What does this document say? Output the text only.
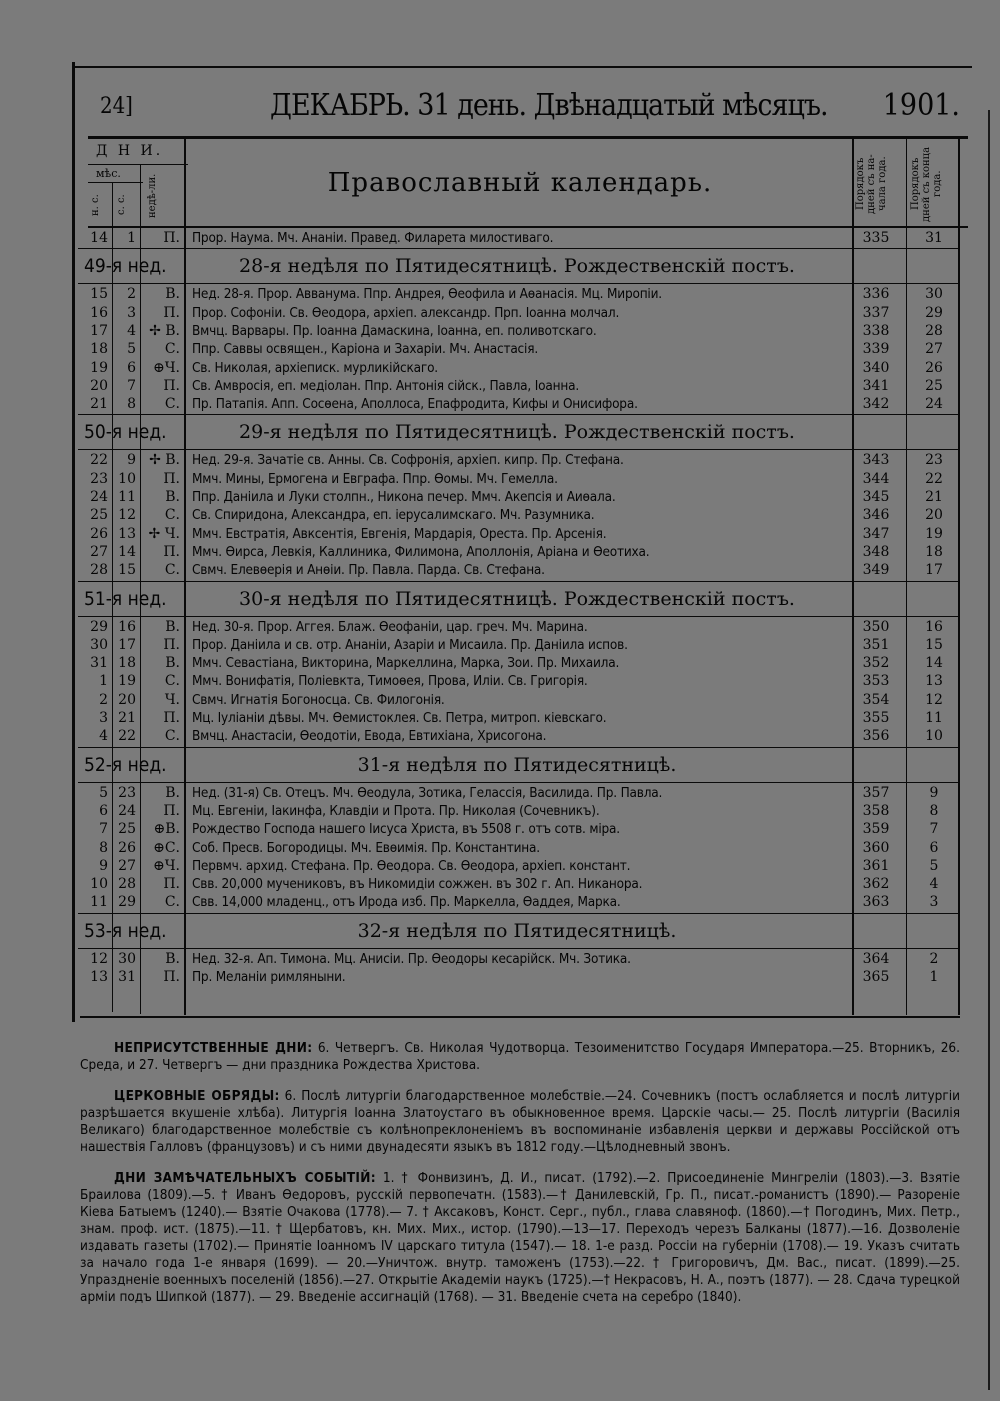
24]	ДЕКАБРЬ. 31 день. Двѣнадцатый мѣсяцъ. 1901.
Д Н И.
мѣс.
н. с.	с. с.	недѣ-ли.	Православный календарь.	Порядокъ дней съ на-чала года.	Порядокъ дней съ конца года.
14	1	П. Прор. Наума. Мч. Ананіи. Правед. Филарета милостиваго.	335	31
49-я нед.	28-я недѣля по Пятидесятницѣ. Рождественскій постъ.
15	2	В. Нед. 28-я. Прор. Авванума. Ппр. Андрея, Ѳеофила и Аѳанасія. Мц. Миропіи.	336	30
16	3	П. Прор. Софоніи. Св. Ѳеодора, архіеп. александр. Прп. Іоанна молчал.	337	29
17	4 ✢ В. Вмчц. Варвары. Пр. Іоанна Дамаскина, Іоанна, еп. поливотскаго.	338	28
18	5	С. Ппр. Саввы освящен., Каріона и Захаріи. Мч. Анастасія.	339	27
19	6	⊕Ч. Св. Николая, архіеписк. мурликійскаго.	340	26
20	7	П. Св. Амвросія, еп. медіолан. Ппр. Антонія сійск., Павла, Іоанна.	341	25
21	8	С. Пр. Патапія. Апп. Сосѳена, Аполлоса, Епафродита, Кифы и Онисифора.	342	24
50-я нед.	29-я недѣля по Пятидесятницѣ. Рождественскій постъ.
22	9 ✢ В. Нед. 29-я. Зачатіе св. Анны. Св. Софронія, архіеп. кипр. Пр. Стефана.	343	23
23 10	П. Ммч. Мины, Ермогена и Евграфа. Ппр. Ѳомы. Мч. Гемелла.	344	22
24 11	В. Ппр. Даніила и Луки столпн., Никона печер. Ммч. Акепсія и Аиѳала.	345	21
25 12	С. Св. Спиридона, Александра, еп. іерусалимскаго. Мч. Разумника.	346	20
26 13 ✢ Ч. Ммч. Евстратія, Авксентія, Евгенія, Мардарія, Ореста. Пр. Арсенія.	347	19
27 14	П. Ммч. Ѳирса, Левкія, Каллиника, Филимона, Аполлонія, Аріана и Ѳеотиха.	348	18
28 15	С. Свмч. Елевѳерія и Анѳіи. Пр. Павла. Парда. Св. Стефана.	349	17
51-я нед.	30-я недѣля по Пятидесятницѣ. Рождественскій постъ.
29 16	В. Нед. 30-я. Прор. Аггея. Блаж. Ѳеофаніи, цар. греч. Мч. Марина.	350	16
30 17	П. Прор. Даніила и св. отр. Ананіи, Азаріи и Мисаила. Пр. Даніила испов.	351	15
31 18	В. Ммч. Севастіана, Викторина, Маркеллина, Марка, Зои. Пр. Михаила.	352	14
1 19	С. Ммч. Вонифатія, Поліевкта, Тимоѳея, Прова, Иліи. Св. Григорія.	353	13
2 20	Ч. Свмч. Игнатія Богоносца. Св. Филогонія.	354	12
3 21	П. Мц. Іуліаніи дѣвы. Мч. Ѳемистоклея. Св. Петра, митроп. кіевскаго.	355	11
4 22	С. Вмчц. Анастасіи, Ѳеодотіи, Евода, Евтихіана, Хрисогона.	356	10
52-я нед.	31-я недѣля по Пятидесятницѣ.
5 23	В. Нед. (31-я) Св. Отецъ. Мч. Ѳеодула, Зотика, Гелассія, Василида. Пр. Павла.	357	9
6 24	П. Мц. Евгеніи, Іакинфа, Клавдіи и Прота. Пр. Николая (Сочевникъ).	358	8
7 25	⊕В. Рождество Господа нашего Іисуса Христа, въ 5508 г. отъ сотв. міра.	359	7
8 26	⊕С. Соб. Пресв. Богородицы. Мч. Евѳимія. Пр. Константина.	360	6
9 27	⊕Ч. Первмч. архид. Стефана. Пр. Ѳеодора. Св. Ѳеодора, архіеп. констант.	361	5
10 28	П. Свв. 20,000 мучениковъ, въ Никомидіи сожжен. въ 302 г. Ап. Никанора.	362	4
11 29	С. Свв. 14,000 младенц., отъ Ирода изб. Пр. Маркелла, Ѳаддея, Марка.	363	3
53-я нед.	32-я недѣля по Пятидесятницѣ.
12 30	В. Нед. 32-я. Ап. Тимона. Мц. Анисіи. Пр. Ѳеодоры кесарійск. Мч. Зотика.	364	2
13 31	П. Пр. Меланіи римляныни.	365	1

НЕПРИСУТСТВЕННЫЕ ДНИ: 6. Четвергъ. Св. Николая Чудотворца. Тезоименитство Государя Императора.—25. Вторникъ, 26. Среда, и 27. Четвергъ — дни праздника Рождества Христова.

ЦЕРКОВНЫЕ ОБРЯДЫ: 6. Послѣ литургіи благодарственное молебствіе.—24. Сочевникъ (постъ ослабляется и послѣ литургіи разрѣшается вкушеніе хлѣба). Литургія Іоанна Златоустаго въ обыкновенное время. Царскіе часы.— 25. Послѣ литургіи (Василія Великаго) благодарственное молебствіе съ колѣнопреклоненіемъ въ воспоминаніе избавленія церкви и державы Россійской отъ нашествія Галловъ (французовъ) и съ ними двунадесяти языкъ въ 1812 году.—Цѣлодневный звонъ.

ДНИ ЗАМѢЧАТЕЛЬНЫХЪ СОБЫТІЙ: 1. † Фонвизинъ, Д. И., писат. (1792).—2. Присоединеніе Мингреліи (1803).—3. Взятіе Браилова (1809).—5. † Иванъ Ѳедоровъ, русскій первопечатн. (1583).—† Данилевскій, Гр. П., писат.-романистъ (1890).— Разореніе Кіева Батыемъ (1240).— Взятіе Очакова (1778).— 7. † Аксаковъ, Конст. Серг., публ., глава славяноф. (1860).—† Погодинъ, Мих. Петр., знам. проф. ист. (1875).—11. † Щербатовъ, кн. Мих. Мих., истор. (1790).—13—17. Переходъ черезъ Балканы (1877).—16. Дозволеніе издавать газеты (1702).— Принятіе Іоанномъ IV царскаго титула (1547).— 18. 1-е разд. Россіи на губерніи (1708).— 19. Указъ считать за начало года 1-е января (1699). — 20.—Уничтож. внутр. таможенъ (1753).—22. † Григоровичъ, Дм. Вас., писат. (1899).—25. Упраздненіе военныхъ поселеній (1856).—27. Открытіе Академіи наукъ (1725).—† Некрасовъ, Н. А., поэтъ (1877). — 28. Сдача турецкой арміи подъ Шипкой (1877). — 29. Введеніе ассигнацій (1768). — 31. Введеніе счета на серебро (1840).
